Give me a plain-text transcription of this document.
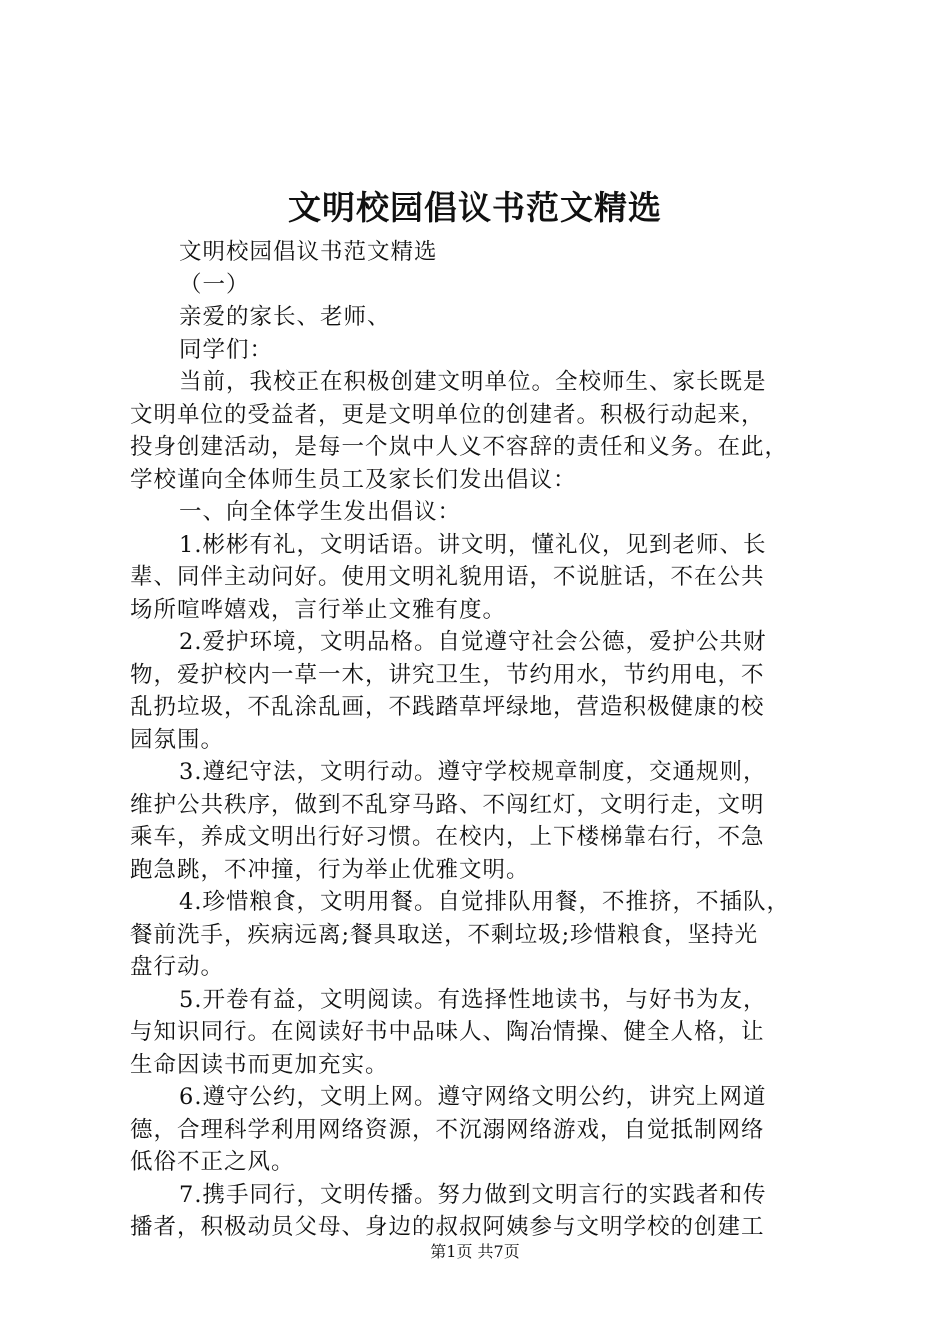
文明校园倡议书范文精选
文明校园倡议书范文精选
（一）
亲爱的家长、老师、
同学们：
当前，我校正在积极创建文明单位。全校师生、家长既是
文明单位的受益者，更是文明单位的创建者。积极行动起来，
投身创建活动，是每一个岚中人义不容辞的责任和义务。在此，
学校谨向全体师生员工及家长们发出倡议：
一、向全体学生发出倡议：
1.彬彬有礼，文明话语。讲文明，懂礼仪，见到老师、长
辈、同伴主动问好。使用文明礼貌用语，不说脏话，不在公共
场所喧哗嬉戏，言行举止文雅有度。
2.爱护环境，文明品格。自觉遵守社会公德，爱护公共财
物，爱护校内一草一木，讲究卫生，节约用水，节约用电，不
乱扔垃圾，不乱涂乱画，不践踏草坪绿地，营造积极健康的校
园氛围。
3.遵纪守法，文明行动。遵守学校规章制度，交通规则，
维护公共秩序，做到不乱穿马路、不闯红灯，文明行走，文明
乘车，养成文明出行好习惯。在校内，上下楼梯靠右行，不急
跑急跳，不冲撞，行为举止优雅文明。
4.珍惜粮食，文明用餐。自觉排队用餐，不推挤，不插队，
餐前洗手，疾病远离;餐具取送，不剩垃圾;珍惜粮食，坚持光
盘行动。
5.开卷有益，文明阅读。有选择性地读书，与好书为友，
与知识同行。在阅读好书中品味人、陶冶情操、健全人格，让
生命因读书而更加充实。
6.遵守公约，文明上网。遵守网络文明公约，讲究上网道
德，合理科学利用网络资源，不沉溺网络游戏，自觉抵制网络
低俗不正之风。
7.携手同行，文明传播。努力做到文明言行的实践者和传
播者，积极动员父母、身边的叔叔阿姨参与文明学校的创建工
第1页 共7页
